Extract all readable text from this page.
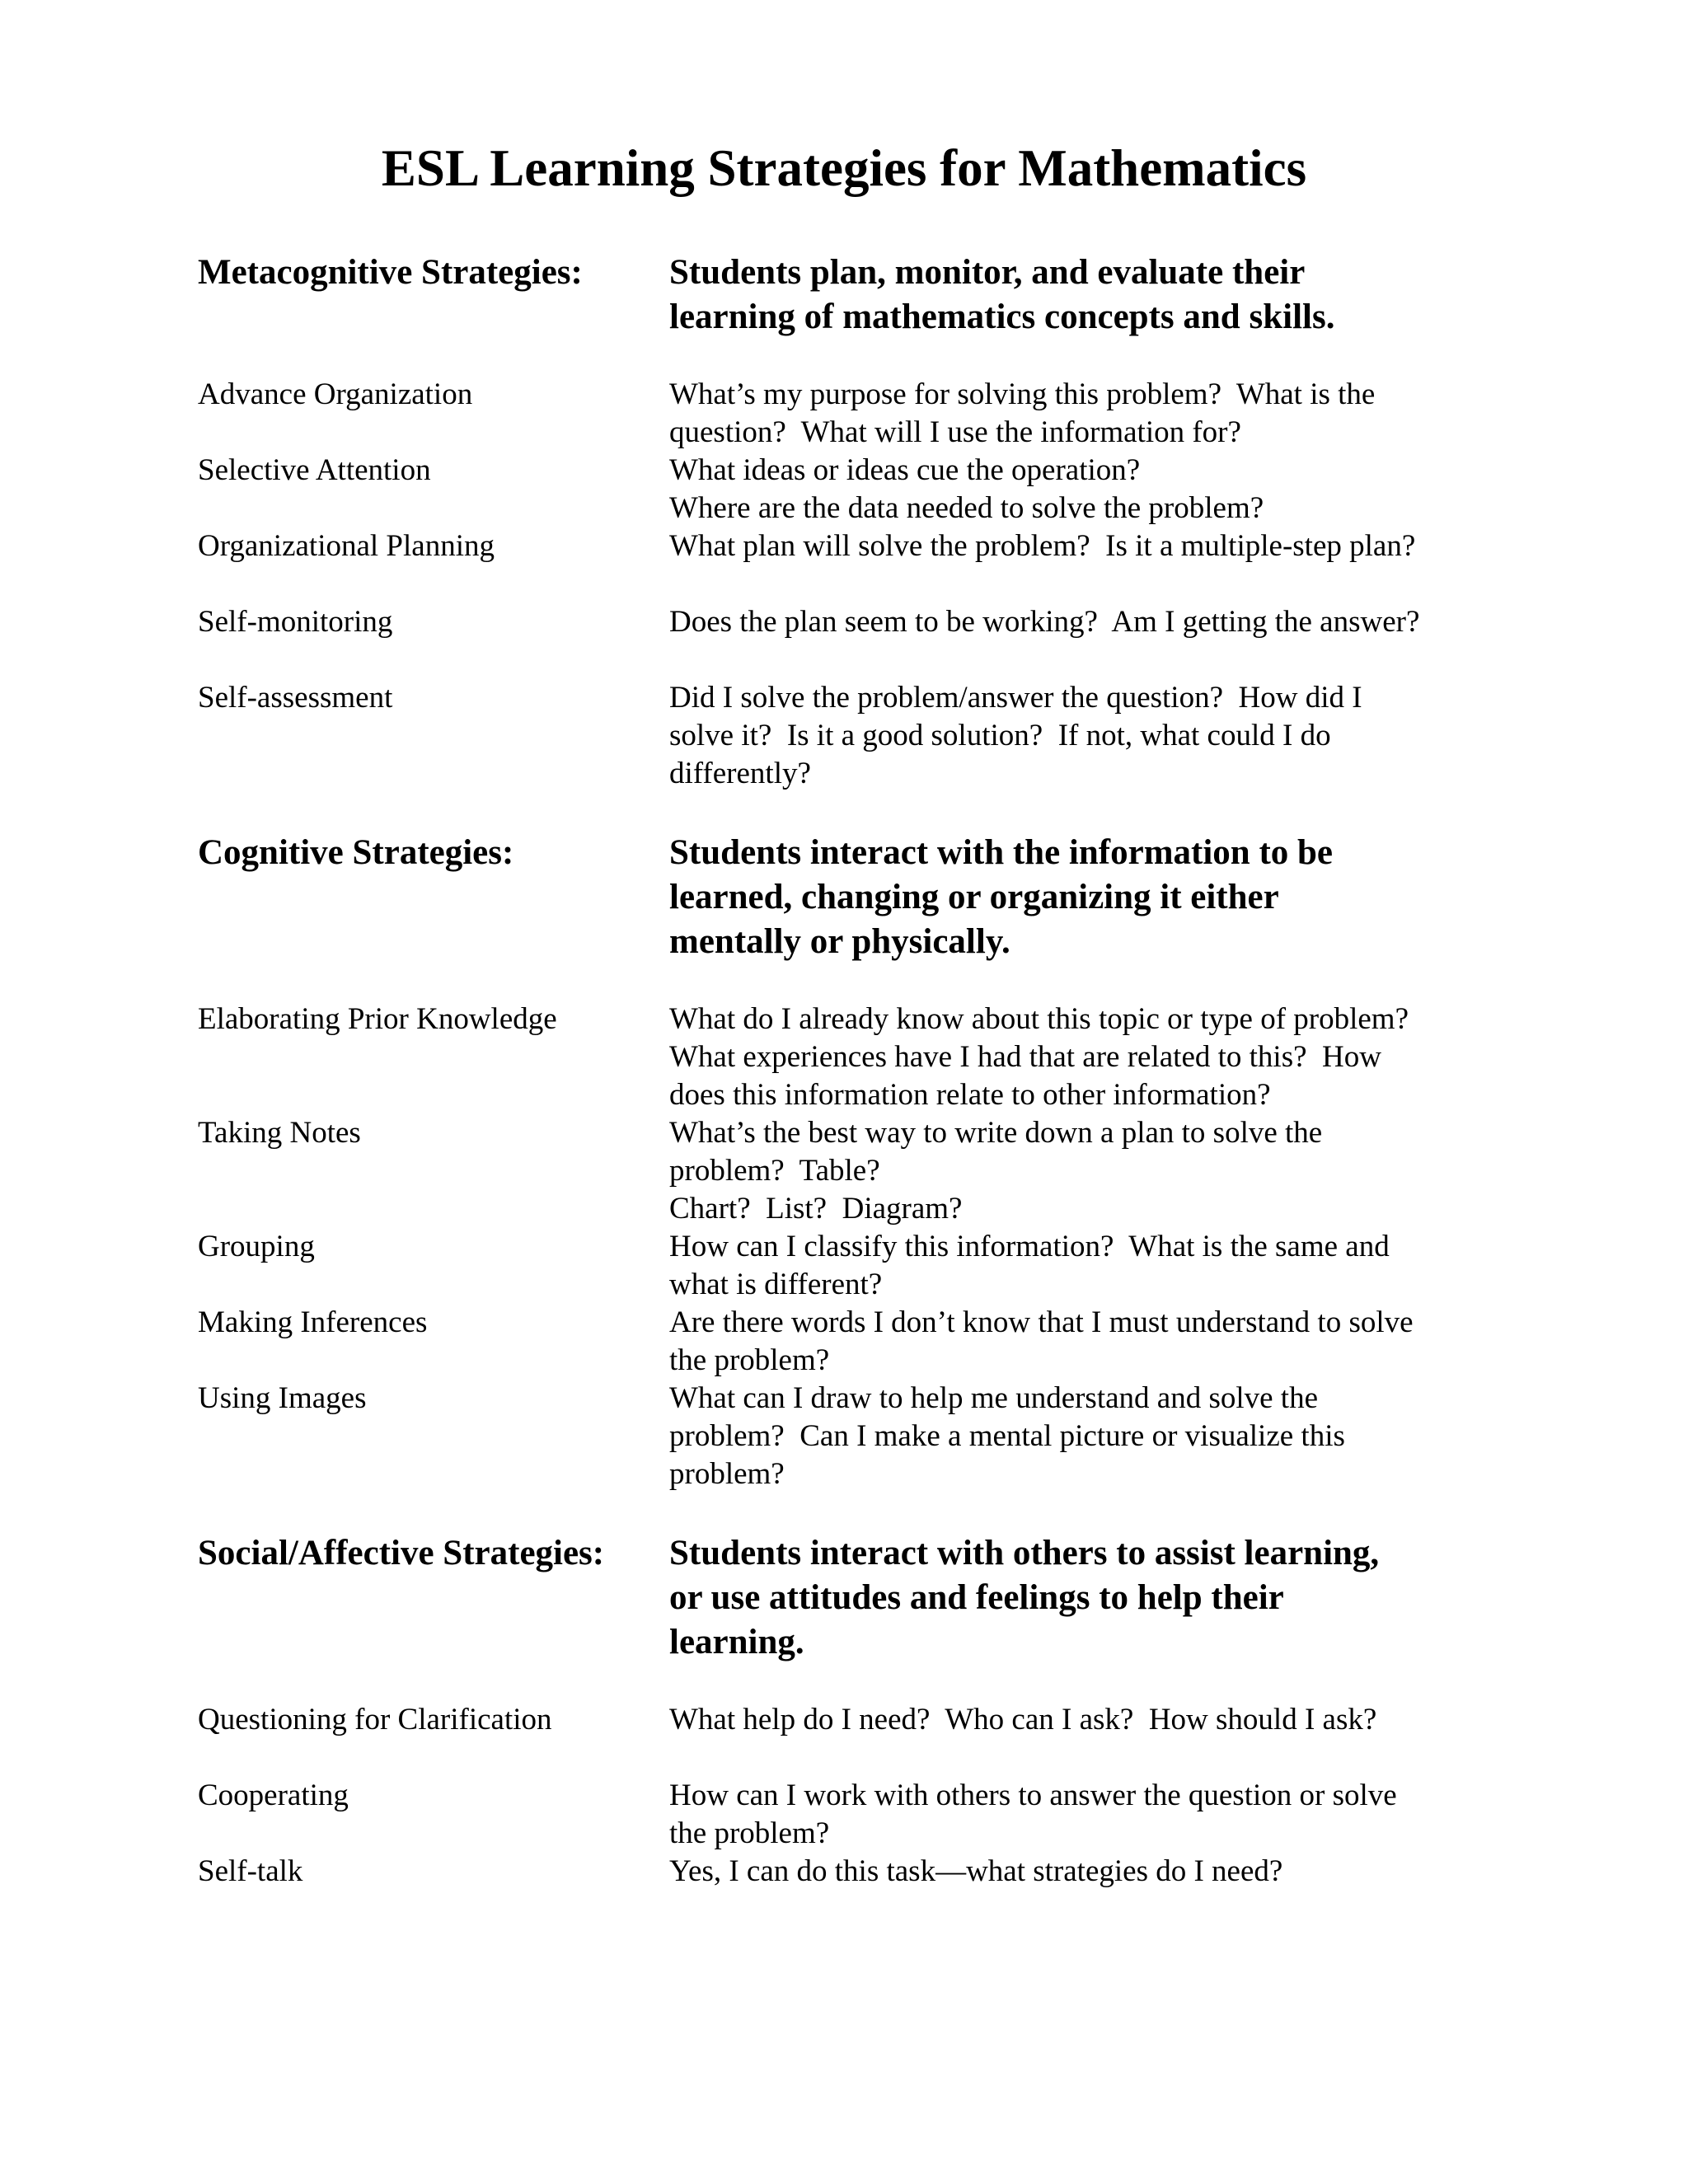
ESL Learning Strategies for Mathematics
Metacognitive Strategies:	Students plan, monitor, and evaluate their
learning of mathematics concepts and skills.
Advance Organization	What’s my purpose for solving this problem?  What is the
question?  What will I use the information for?
Selective Attention	What ideas or ideas cue the operation?
Where are the data needed to solve the problem?
Organizational Planning	What plan will solve the problem?  Is it a multiple-step plan?
Self-monitoring	Does the plan seem to be working?  Am I getting the answer?
Self-assessment	Did I solve the problem/answer the question?  How did I
solve it?  Is it a good solution?  If not, what could I do
differently?
Cognitive Strategies:	Students interact with the information to be
learned, changing or organizing it either
mentally or physically.
Elaborating Prior Knowledge	What do I already know about this topic or type of problem?
What experiences have I had that are related to this?  How
does this information relate to other information?
Taking Notes	What’s the best way to write down a plan to solve the
problem?  Table?
Chart?  List?  Diagram?
Grouping	How can I classify this information?  What is the same and
what is different?
Making Inferences	Are there words I don’t know that I must understand to solve
the problem?
Using Images	What can I draw to help me understand and solve the
problem?  Can I make a mental picture or visualize this
problem?
Social/Affective Strategies:	Students interact with others to assist learning,
or use attitudes and feelings to help their
learning.
Questioning for Clarification	What help do I need?  Who can I ask?  How should I ask?
Cooperating	How can I work with others to answer the question or solve
the problem?
Self-talk	Yes, I can do this task—what strategies do I need?
